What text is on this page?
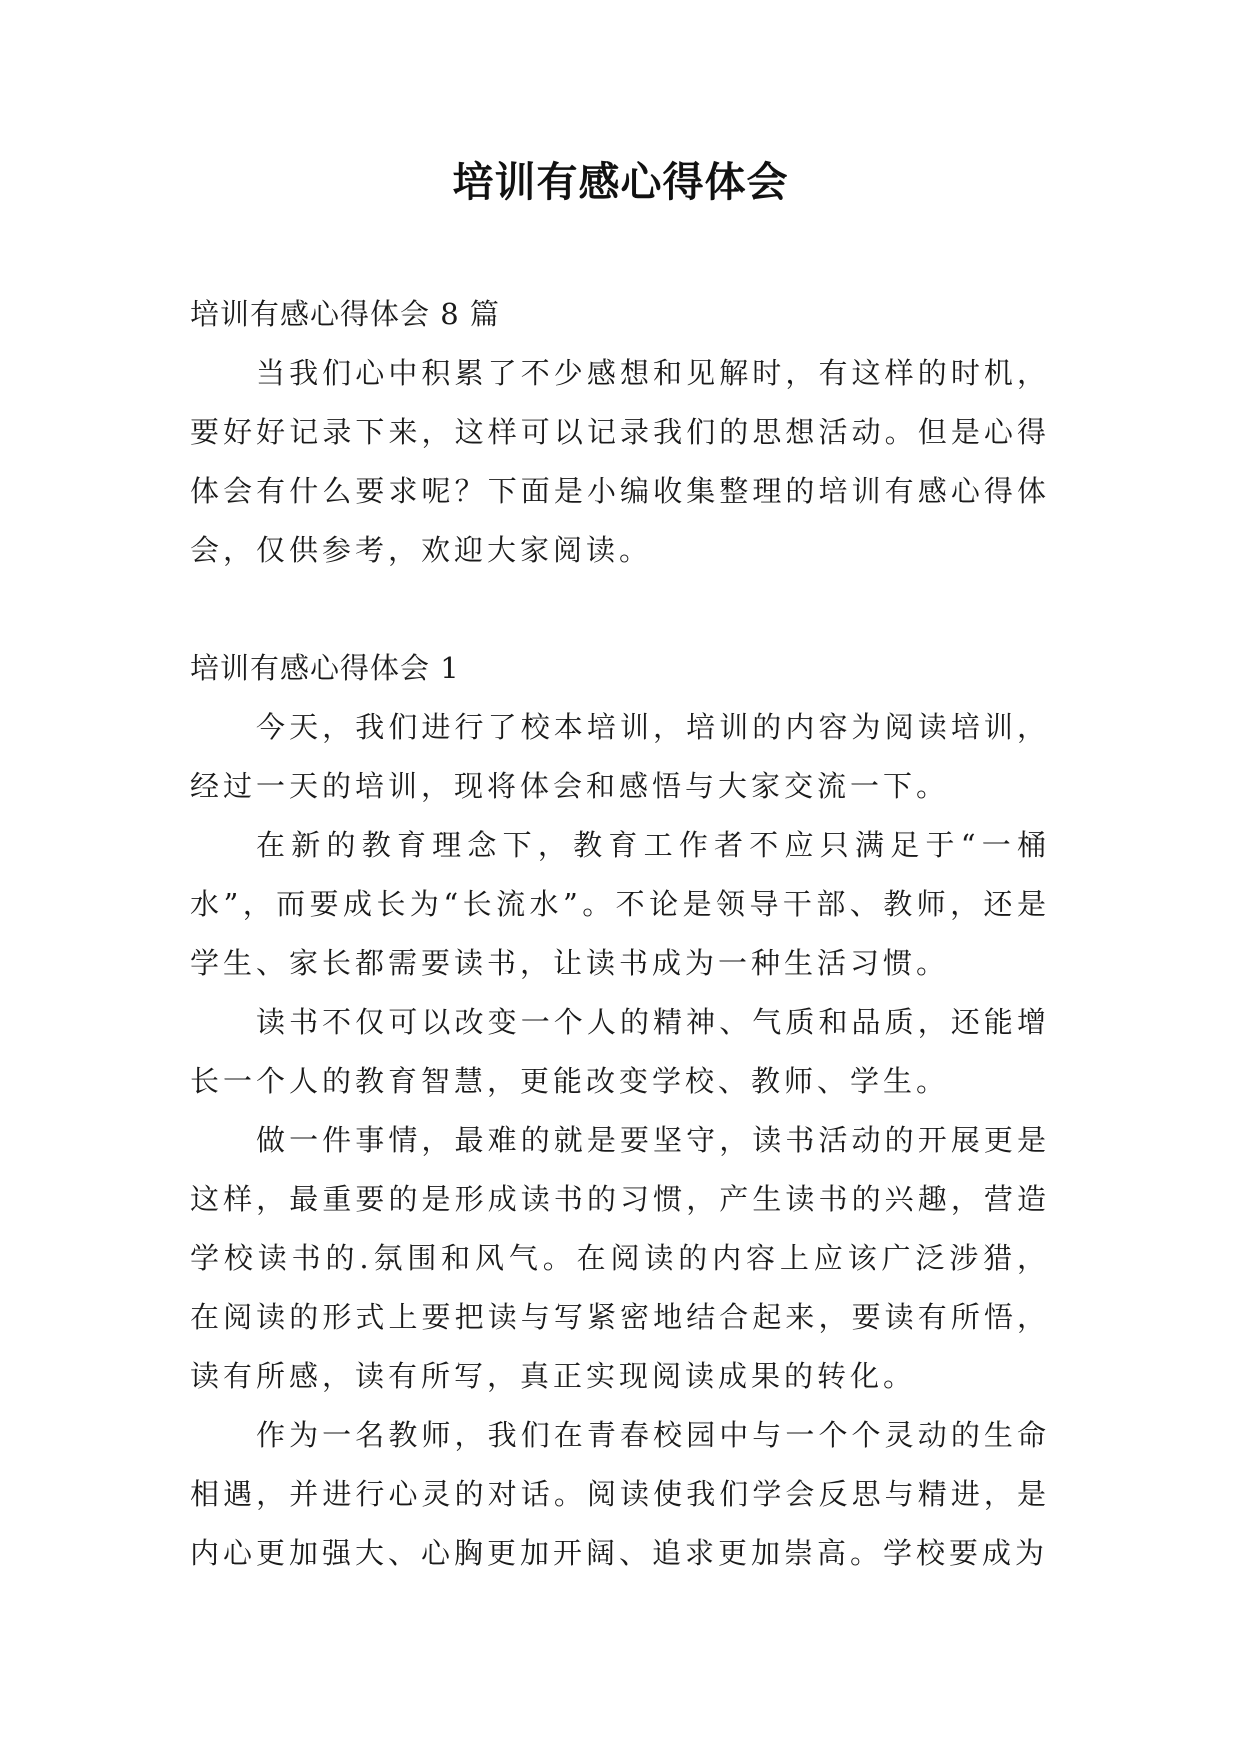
培训有感心得体会

培训有感心得体会 8 篇

当我们心中积累了不少感想和见解时，有这样的时机，要好好记录下来，这样可以记录我们的思想活动。但是心得体会有什么要求呢？下面是小编收集整理的培训有感心得体会，仅供参考，欢迎大家阅读。

培训有感心得体会 1

今天，我们进行了校本培训，培训的内容为阅读培训，经过一天的培训，现将体会和感悟与大家交流一下。

在新的教育理念下，教育工作者不应只满足于“一桶水”，而要成长为“长流水”。不论是领导干部、教师，还是学生、家长都需要读书，让读书成为一种生活习惯。

读书不仅可以改变一个人的精神、气质和品质，还能增长一个人的教育智慧，更能改变学校、教师、学生。

做一件事情，最难的就是要坚守，读书活动的开展更是这样，最重要的是形成读书的习惯，产生读书的兴趣，营造学校读书的.氛围和风气。在阅读的内容上应该广泛涉猎，在阅读的形式上要把读与写紧密地结合起来，要读有所悟，读有所感，读有所写，真正实现阅读成果的转化。

作为一名教师，我们在青春校园中与一个个灵动的生命相遇，并进行心灵的对话。阅读使我们学会反思与精进，是内心更加强大、心胸更加开阔、追求更加崇高。学校要成为
